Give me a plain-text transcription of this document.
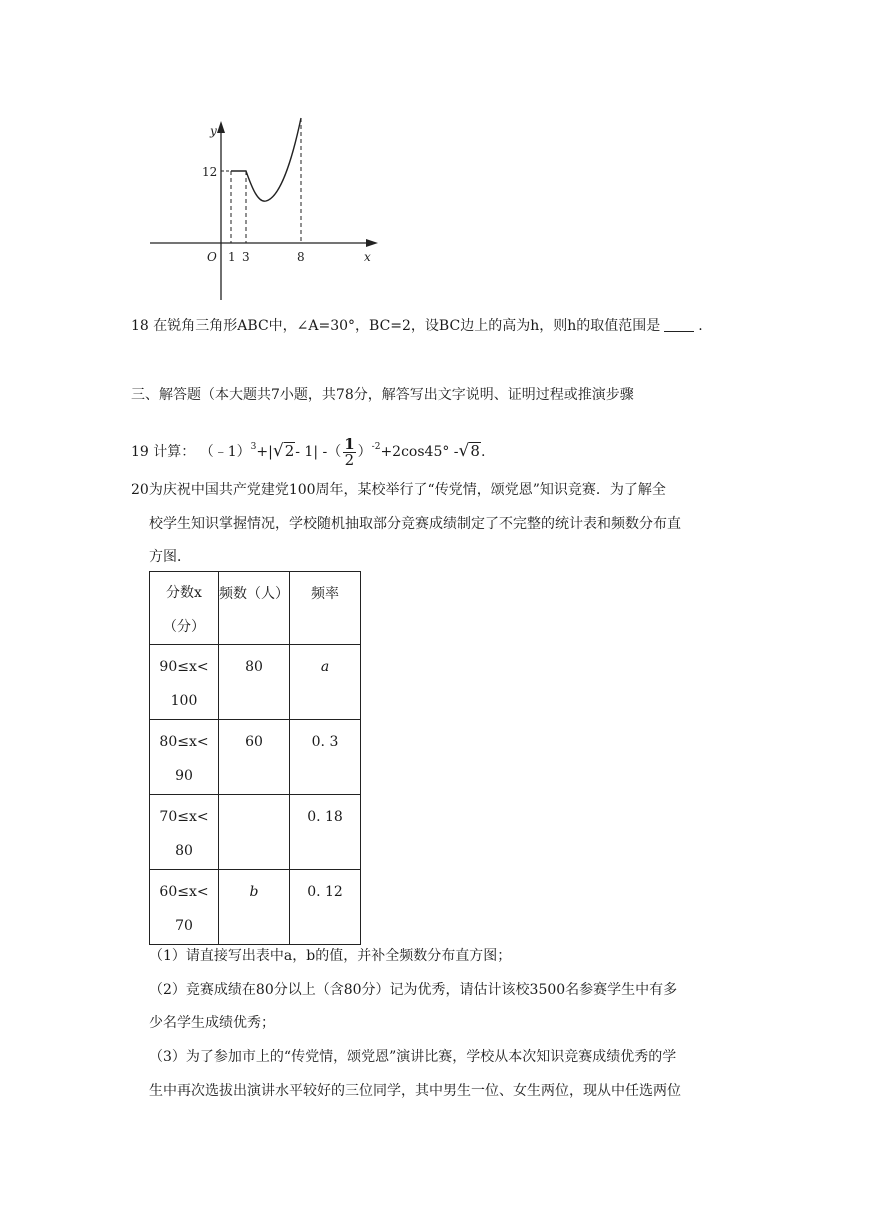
y
x
O
12
1 3	8
18 在锐角三角形ABC中，∠A=30°，BC=2，设BC边上的高为h，则h的取值范围是	.
三、解答题（本大题共7小题，共78分，解答写出文字说明、证明过程或推演步骤
19 计算： （﹣1）$^3$+|√2- 1| -（ $\frac{1}{2} )^{-2}+2\cos 45^\circ$ -√8.
20为庆祝中国共产党建党100周年，某校举行了“传党情，颂党恩”知识竞赛．为了解全
校学生知识掌握情况，学校随机抽取部分竞赛成绩制定了不完整的统计表和频数分布直
方图．
分数x
（分）	频数（人）	频率

90≤x<
100	80	a

80≤x<
90	60	0. 3

70≤x<
80		0. 18

60≤x<
70	b	0. 12
（1）请直接写出表中a，b的值，并补全频数分布直方图；
（2）竞赛成绩在80分以上（含80分）记为优秀，请估计该校3500名参赛学生中有多
少名学生成绩优秀；
（3）为了参加市上的“传党情，颂党恩”演讲比赛，学校从本次知识竞赛成绩优秀的学
生中再次选拔出演讲水平较好的三位同学，其中男生一位、女生两位，现从中任选两位
